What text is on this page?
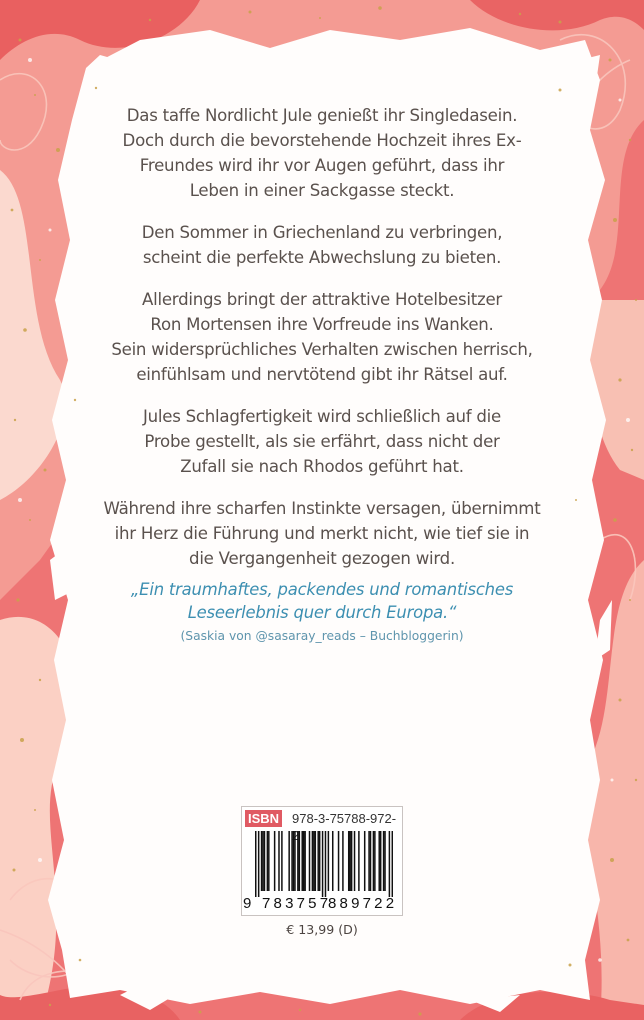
Das taffe Nordlicht Jule genießt ihr Singledasein.
Doch durch die bevorstehende Hochzeit ihres Ex-
Freundes wird ihr vor Augen geführt, dass ihr
Leben in einer Sackgasse steckt.

Den Sommer in Griechenland zu verbringen,
scheint die perfekte Abwechslung zu bieten.

Allerdings bringt der attraktive Hotelbesitzer
Ron Mortensen ihre Vorfreude ins Wanken.
Sein widersprüchliches Verhalten zwischen herrisch,
einfühlsam und nervtötend gibt ihr Rätsel auf.

Jules Schlagfertigkeit wird schließlich auf die
Probe gestellt, als sie erfährt, dass nicht der
Zufall sie nach Rhodos geführt hat.

Während ihre scharfen Instinkte versagen, übernimmt
ihr Herz die Führung und merkt nicht, wie tief sie in
die Vergangenheit gezogen wird.

„Ein traumhaftes, packendes und romantisches
Leseerlebnis quer durch Europa.“
(Saskia von @sasaray_reads – Buchbloggerin)
ISBN 978-3-75788-972-
9 783757
889722
€ 13,99 (D)
